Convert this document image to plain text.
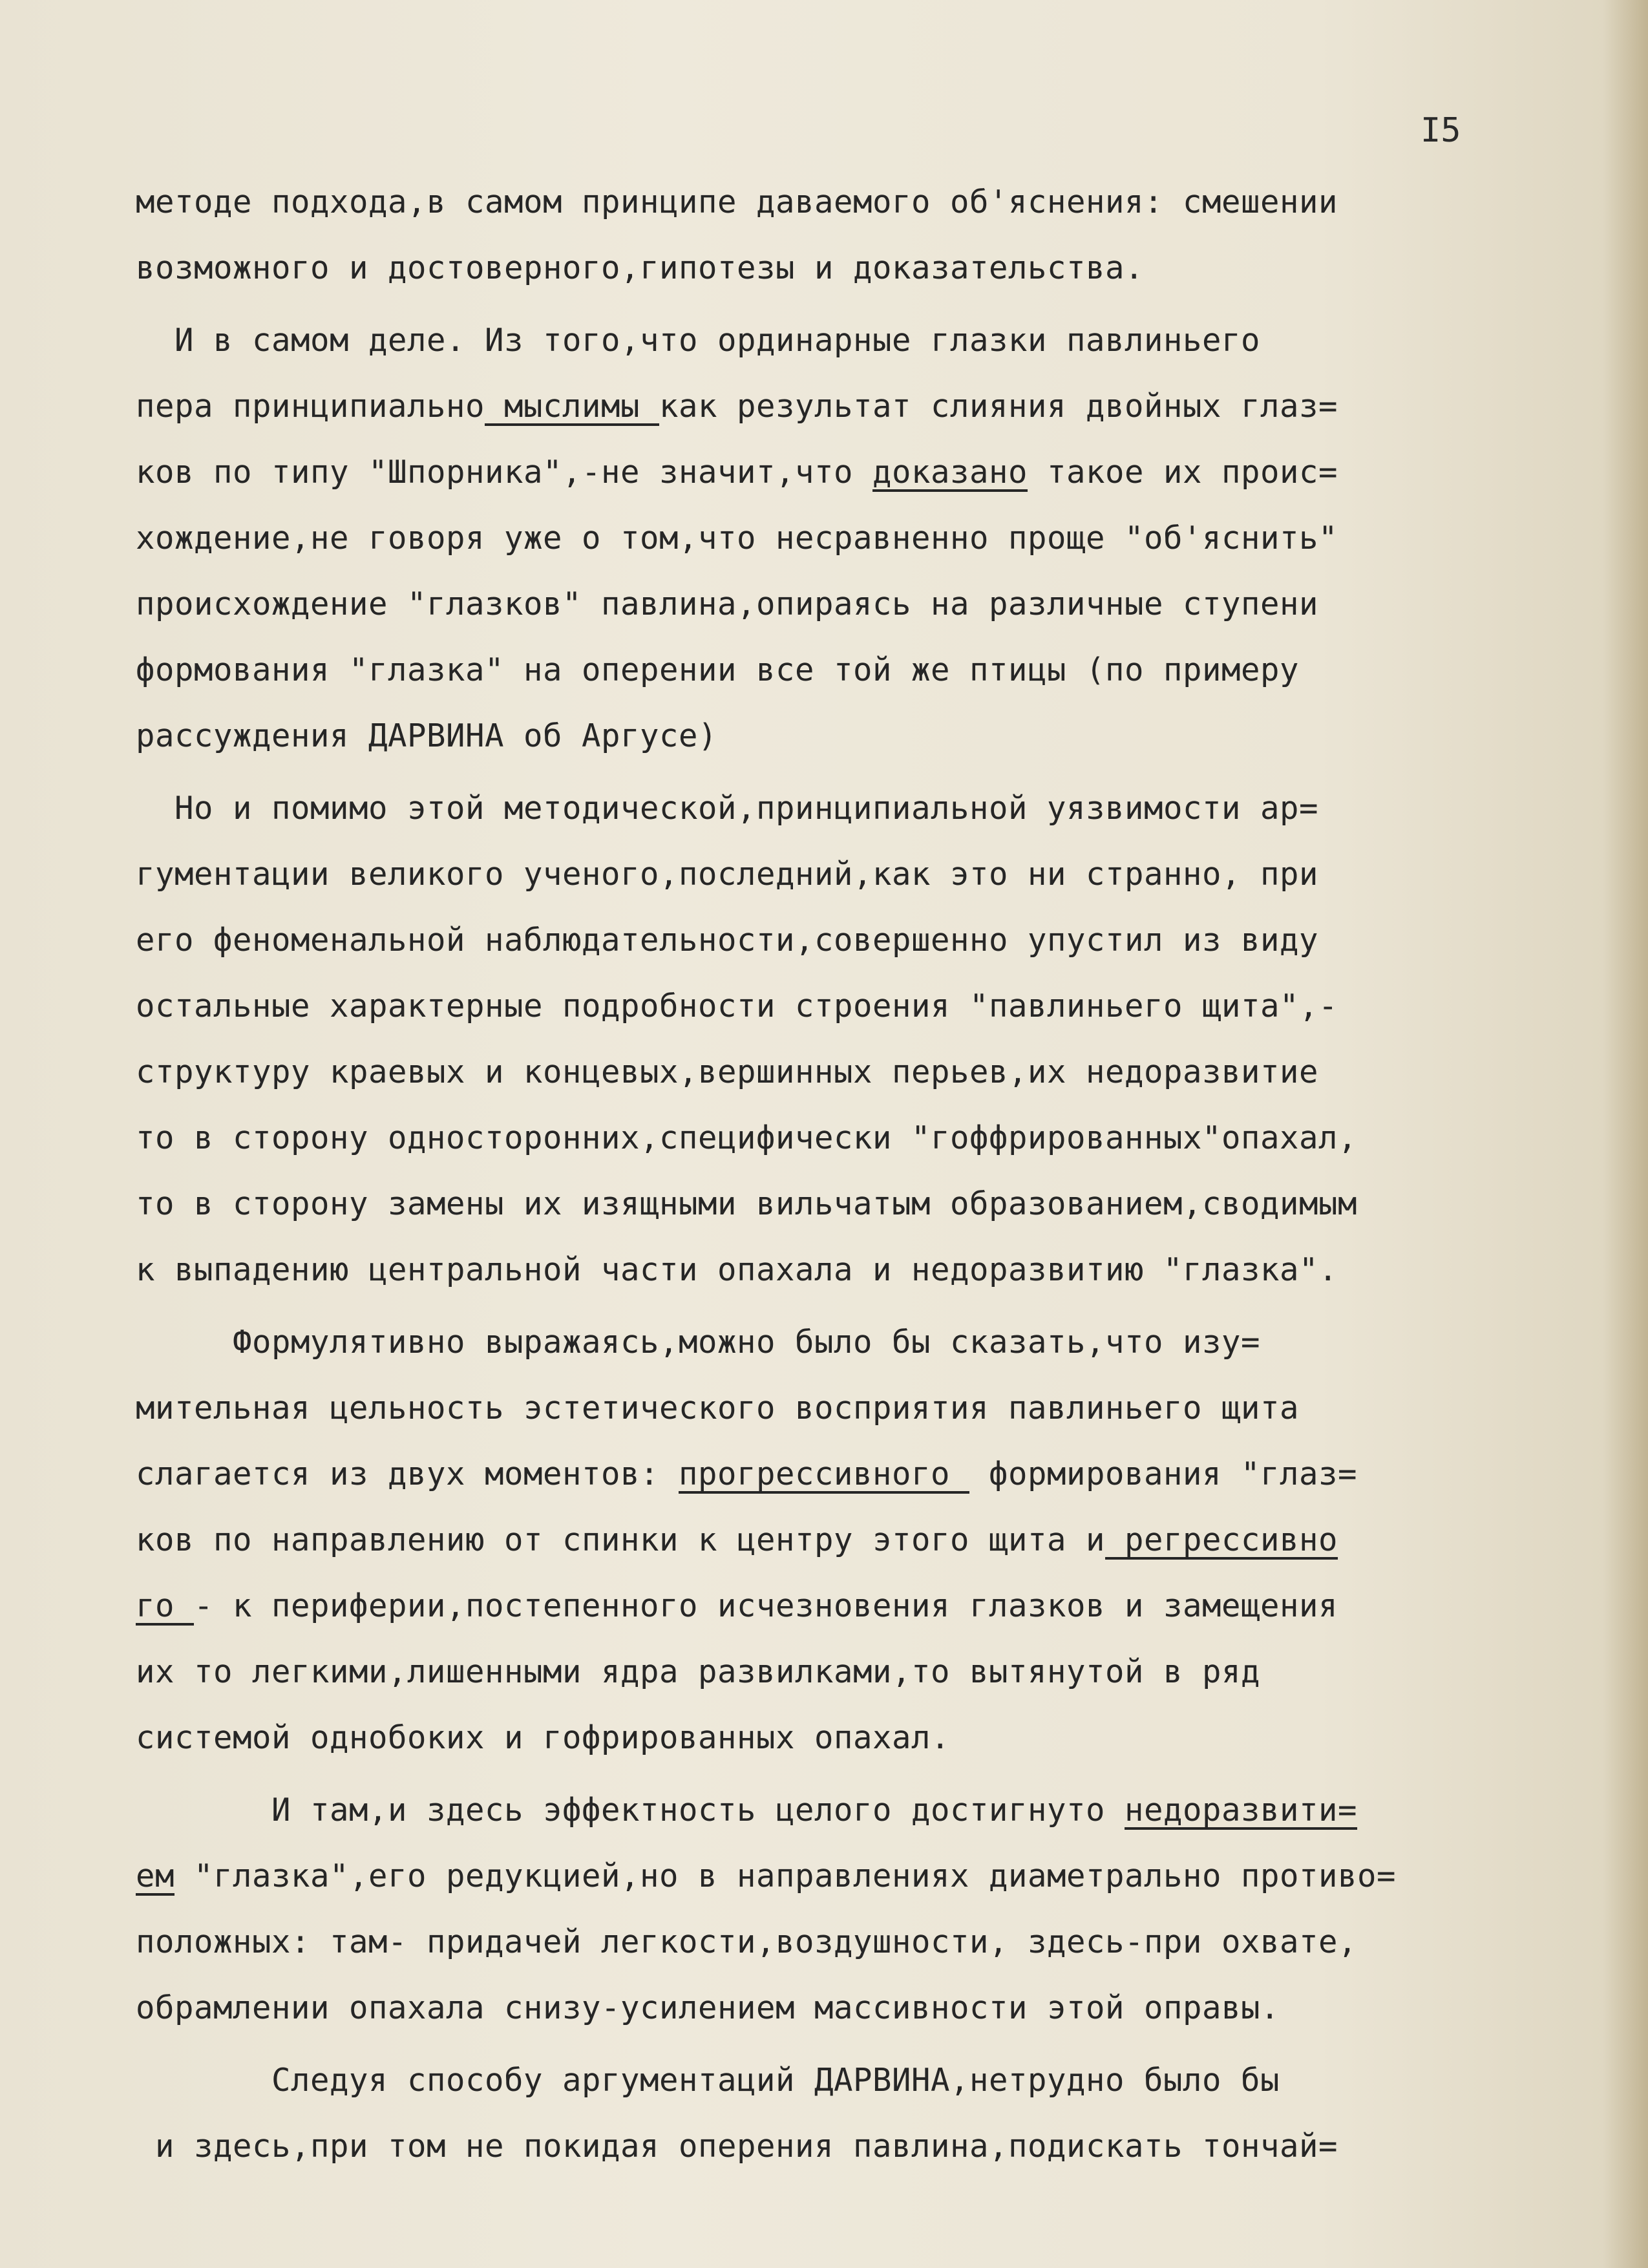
I5
методе подхода,в самом принципе даваемого об'яснения: смешении
возможного и достоверного,гипотезы и доказательства.
И в самом деле. Из того,что ординарные глазки павлиньего
пера принципиально мыслимы как результат слияния двойных глаз=
ков по типу "Шпорника",-не значит,что доказано такое их проис=
хождение,не говоря уже о том,что несравненно проще "об'яснить"
происхождение "глазков" павлина,опираясь на различные ступени
формования "глазка" на оперении все той же птицы (по примеру
рассуждения ДАРВИНА об Аргусе)
Но и помимо этой методической,принципиальной уязвимости ар=
гументации великого ученого,последний,как это ни странно, при
его феноменальной наблюдательности,совершенно упустил из виду
остальные характерные подробности строения "павлиньего щита",-
структуру краевых и концевых,вершинных перьев,их недоразвитие
то в сторону односторонних,специфически "гоффрированных"опахал,
то в сторону замены их изящными вильчатым образованием,сводимым
к выпадению центральной части опахала и недоразвитию "глазка".
Формулятивно выражаясь,можно было бы сказать,что изу=
мительная цельность эстетического восприятия павлиньего щита
слагается из двух моментов: прогрессивного  формирования "глаз=
ков по направлению от спинки к центру этого щита и регрессивно
го - к периферии,постепенного исчезновения глазков и замещения
их то легкими,лишенными ядра развилками,то вытянутой в ряд
системой однобоких и гофрированных опахал.
И там,и здесь эффектность целого достигнуто недоразвити=
ем "глазка",его редукцией,но в направлениях диаметрально противо=
положных: там- придачей легкости,воздушности, здесь-при охвате,
обрамлении опахала снизу-усилением массивности этой оправы.
Следуя способу аргументаций ДАРВИНА,нетрудно было бы
и здесь,при том не покидая оперения павлина,подискать тончай=
